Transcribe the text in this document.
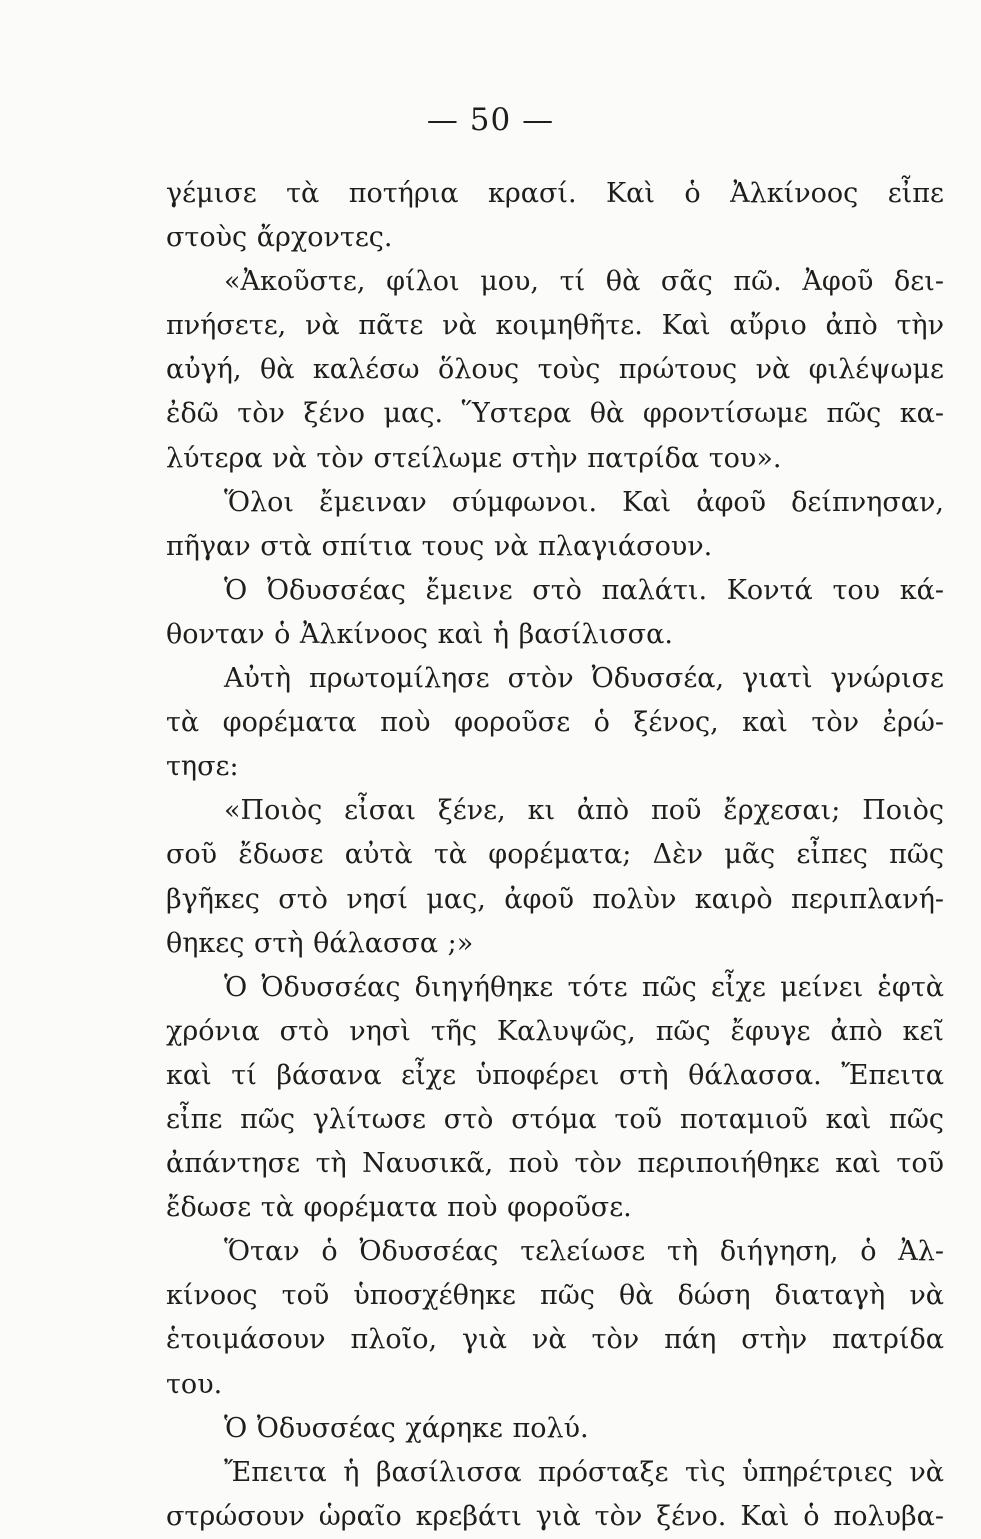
— 50 —
γέμισε τὰ ποτήρια κρασί. Καὶ ὁ Ἀλκίνοος εἶπε
στοὺς ἄρχοντες.
«Ἀκοῦστε, φίλοι μου, τί θὰ σᾶς πῶ. Ἀφοῦ δει-
πνήσετε, νὰ πᾶτε νὰ κοιμηθῆτε. Καὶ αὔριο ἀπὸ τὴν
αὐγή, θὰ καλέσω ὅλους τοὺς πρώτους νὰ φιλέψωμε
ἐδῶ τὸν ξένο μας. Ὕστερα θὰ φροντίσωμε πῶς κα-
λύτερα νὰ τὸν στείλωμε στὴν πατρίδα του».
Ὅλοι ἔμειναν σύμφωνοι. Καὶ ἀφοῦ δείπνησαν,
πῆγαν στὰ σπίτια τους νὰ πλαγιάσουν.
Ὁ Ὀδυσσέας ἔμεινε στὸ παλάτι. Κοντά του κά-
θονταν ὁ Ἀλκίνοος καὶ ἡ βασίλισσα.
Αὐτὴ πρωτομίλησε στὸν Ὀδυσσέα, γιατὶ γνώρισε
τὰ φορέματα ποὺ φοροῦσε ὁ ξένος, καὶ τὸν ἐρώ-
τησε:
«Ποιὸς εἶσαι ξένε, κι ἀπὸ ποῦ ἔρχεσαι; Ποιὸς
σοῦ ἔδωσε αὐτὰ τὰ φορέματα; Δὲν μᾶς εἶπες πῶς
βγῆκες στὸ νησί μας, ἀφοῦ πολὺν καιρὸ περιπλανή-
θηκες στὴ θάλασσα ;»
Ὁ Ὀδυσσέας διηγήθηκε τότε πῶς εἶχε μείνει ἑφτὰ
χρόνια στὸ νησὶ τῆς Καλυψῶς, πῶς ἔφυγε ἀπὸ κεῖ
καὶ τί βάσανα εἶχε ὑποφέρει στὴ θάλασσα. Ἔπειτα
εἶπε πῶς γλίτωσε στὸ στόμα τοῦ ποταμιοῦ καὶ πῶς
ἀπάντησε τὴ Ναυσικᾶ, ποὺ τὸν περιποιήθηκε καὶ τοῦ
ἔδωσε τὰ φορέματα ποὺ φοροῦσε.
Ὅταν ὁ Ὀδυσσέας τελείωσε τὴ διήγηση, ὁ Ἀλ-
κίνοος τοῦ ὑποσχέθηκε πῶς θὰ δώση διαταγὴ νὰ
ἑτοιμάσουν πλοῖο, γιὰ νὰ τὸν πάη στὴν πατρίδα
του.
Ὁ Ὀδυσσέας χάρηκε πολύ.
Ἔπειτα ἡ βασίλισσα πρόσταξε τὶς ὑπηρέτριες νὰ
στρώσουν ὡραῖο κρεβάτι γιὰ τὸν ξένο. Καὶ ὁ πολυβα-
